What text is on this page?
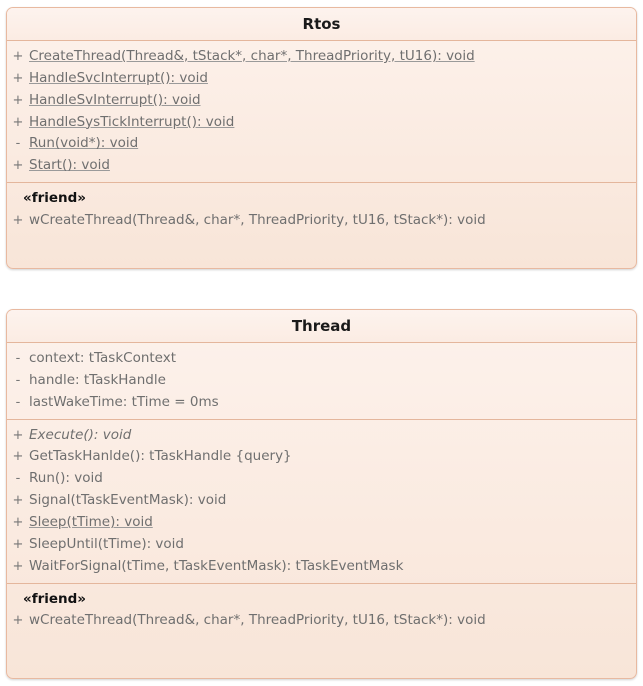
Rtos
+ CreateThread(Thread&, tStack*, char*, ThreadPriority, tU16): void
+ HandleSvcInterrupt(): void
+ HandleSvInterrupt(): void
+ HandleSysTickInterrupt(): void
- Run(void*): void
+ Start(): void
«friend»
+ wCreateThread(Thread&, char*, ThreadPriority, tU16, tStack*): void
Thread
- context: tTaskContext
- handle: tTaskHandle
- lastWakeTime: tTime = 0ms
+ Execute(): void
+ GetTaskHanlde(): tTaskHandle {query}
- Run(): void
+ Signal(tTaskEventMask): void
+ Sleep(tTime): void
+ SleepUntil(tTime): void
+ WaitForSignal(tTime, tTaskEventMask): tTaskEventMask
«friend»
+ wCreateThread(Thread&, char*, ThreadPriority, tU16, tStack*): void
